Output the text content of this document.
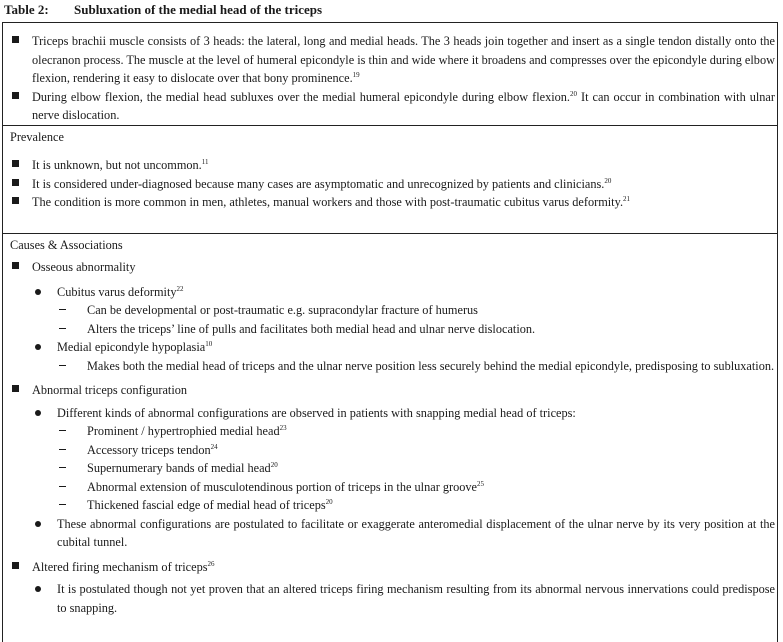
Table 2: Subluxation of the medial head of the triceps
Triceps brachii muscle consists of 3 heads: the lateral, long and medial heads. The 3 heads join together and insert as a single tendon distally onto the olecranon process. The muscle at the level of humeral epicondyle is thin and wide where it broadens and compresses over the epicondyle during elbow flexion, rendering it easy to dislocate over that bony prominence.$^{19}$
During elbow flexion, the medial head subluxes over the medial humeral epicondyle during elbow flexion.$^{20}$ It can occur in combination with ulnar nerve dislocation.
Prevalence
It is unknown, but not uncommon.$^{11}$
It is considered under-diagnosed because many cases are asymptomatic and unrecognized by patients and clinicians.$^{20}$
The condition is more common in men, athletes, manual workers and those with post-traumatic cubitus varus deformity.$^{21}$
Causes & Associations
Osseous abnormality
Cubitus varus deformity$^{22}$
Can be developmental or post-traumatic e.g. supracondylar fracture of humerus
Alters the triceps’ line of pulls and facilitates both medial head and ulnar nerve dislocation.
Medial epicondyle hypoplasia$^{10}$
Makes both the medial head of triceps and the ulnar nerve position less securely behind the medial epicondyle, predisposing to subluxation.
Abnormal triceps configuration
Different kinds of abnormal configurations are observed in patients with snapping medial head of triceps:
Prominent / hypertrophied medial head$^{23}$
Accessory triceps tendon$^{24}$
Supernumerary bands of medial head$^{20}$
Abnormal extension of musculotendinous portion of triceps in the ulnar groove$^{25}$
Thickened fascial edge of medial head of triceps$^{20}$
These abnormal configurations are postulated to facilitate or exaggerate anteromedial displacement of the ulnar nerve by its very position at the cubital tunnel.
Altered firing mechanism of triceps$^{26}$
It is postulated though not yet proven that an altered triceps firing mechanism resulting from its abnormal nervous innervations could predispose to snapping.
